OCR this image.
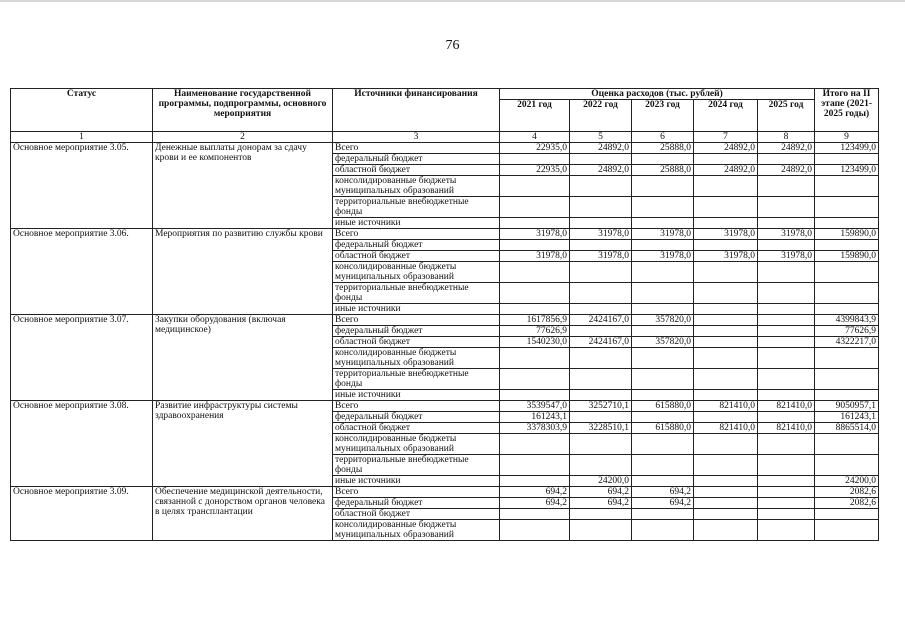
76
Статус	Наименование государственной программы, подпрограммы, основного мероприятия	Источники финансирования	Оценка расходов (тыс. рублей)					Итого на II этапе (2021-2025 годы)
			2021 год	2022 год	2023 год	2024 год	2025 год	
1	2	3	4	5	6	7	8	9
Основное мероприятие 3.05.	Денежные выплаты донорам за сдачу крови и ее компонентов	Всего	22935,0	24892,0	25888,0	24892,0	24892,0	123499,0
		федеральный бюджет						
		областной бюджет	22935,0	24892,0	25888,0	24892,0	24892,0	123499,0
		консолидированные бюджеты муниципальных образований						
		территориальные внебюджетные фонды						
		иные источники						
Основное мероприятие 3.06.	Мероприятия по развитию службы крови	Всего	31978,0	31978,0	31978,0	31978,0	31978,0	159890,0
		федеральный бюджет						
		областной бюджет	31978,0	31978,0	31978,0	31978,0	31978,0	159890,0
		консолидированные бюджеты муниципальных образований						
		территориальные внебюджетные фонды						
		иные источники						
Основное мероприятие 3.07.	Закупки оборудования (включая медицинское)	Всего	1617856,9	2424167,0	357820,0			4399843,9
		федеральный бюджет	77626,9					77626,9
		областной бюджет	1540230,0	2424167,0	357820,0			4322217,0
		консолидированные бюджеты муниципальных образований						
		территориальные внебюджетные фонды						
		иные источники						
Основное мероприятие 3.08.	Развитие инфраструктуры системы здравоохранения	Всего	3539547,0	3252710,1	615880,0	821410,0	821410,0	9050957,1
		федеральный бюджет	161243,1					161243,1
		областной бюджет	3378303,9	3228510,1	615880,0	821410,0	821410,0	8865514,0
		консолидированные бюджеты муниципальных образований						
		территориальные внебюджетные фонды						
		иные источники		24200,0				24200,0
Основное мероприятие 3.09.	Обеспечение медицинской деятельности, связанной с донорством органов человека в целях трансплантации	Всего	694,2	694,2	694,2			2082,6
		федеральный бюджет	694,2	694,2	694,2			2082,6
		областной бюджет						
		консолидированные бюджеты муниципальных образований						
